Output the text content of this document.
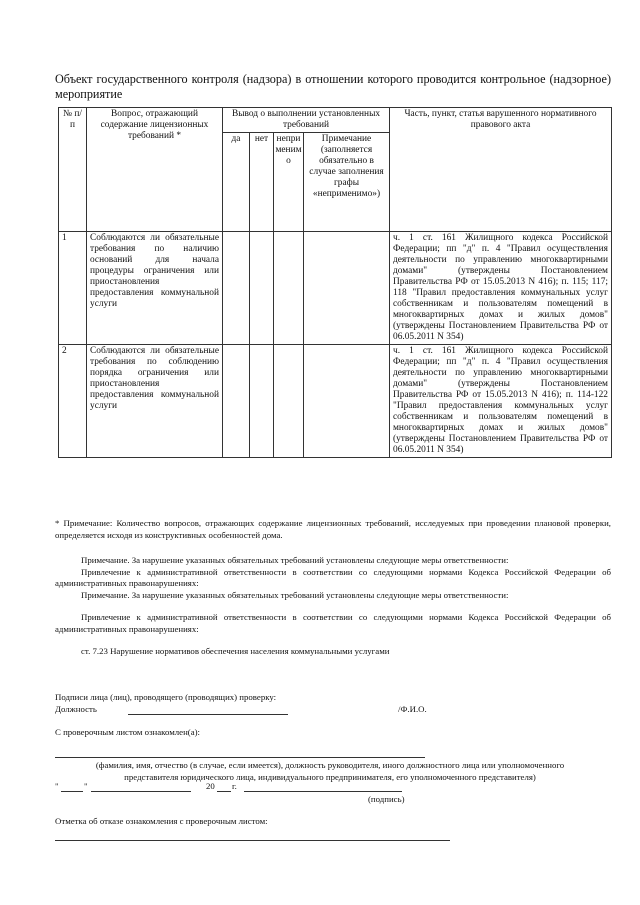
Объект государственного контроля (надзора) в отношении которого проводится контрольное (надзорное) мероприятие
№ п/п	Вопрос, отражающий содержание лицензионных требований *	Вывод о выполнении установленных требований				Часть, пункт, статья варушенного нормативного правового акта
		да	нет	неприменимо	Примечание (заполняется обязательно в случае заполнения графы «неприменимо»)	
1	Соблюдаются ли обязательные требования по наличию оснований для начала процедуры ограничения или приостановления предоставления коммунальной услуги					ч. 1 ст. 161 Жилищного кодекса Российской Федерации; пп "д" п. 4 "Правил осуществления деятельности по управлению многоквартирными домами" (утверждены Постановлением Правительства РФ от 15.05.2013 N 416); п. 115; 117; 118 "Правил предоставления коммунальных услуг собственникам и пользователям помещений в многоквартирных домах и жилых домов" (утверждены Постановлением Правительства РФ от 06.05.2011 N 354)
2	Соблюдаются ли обязательные требования по соблюдению порядка ограничения или приостановления предоставления коммунальной услуги					ч. 1 ст. 161 Жилищного кодекса Российской Федерации; пп "д" п. 4 "Правил осуществления деятельности по управлению многоквартирными домами" (утверждены Постановлением Правительства РФ от 15.05.2013 N 416); п. 114-122 "Правил предоставления коммунальных услуг собственникам и пользователям помещений в многоквартирных домах и жилых домов" (утверждены Постановлением Правительства РФ от 06.05.2011 N 354)

* Примечание: Количество вопросов, отражающих содержание лицензионных требований, исследуемых при проведении плановой проверки, определяется исходя из конструктивных особенностей дома.

Примечание. За нарушение указанных обязательных требований установлены следующие меры ответственности:

Привлечение к административной ответственности в соответствии со следующими нормами Кодекса Российской Федерации об административных правонарушениях:

Примечание. За нарушение указанных обязательных требований установлены следующие меры ответственности:

Привлечение к административной ответственности в соответствии со следующими нормами Кодекса Российской Федерации об административных правонарушениях:

ст. 7.23 Нарушение нормативов обеспечения населения коммунальными услугами

Подписи лица (лиц), проводящего (проводящих) проверку:
Должность	/Ф.И.О.
С проверочным листом ознакомлен(а):
(фамилия, имя, отчество (в случае, если имеется), должность руководителя, иного должностного лица или уполномоченного представителя юридического лица, индивидуального предпринимателя, его уполномоченного представителя)
"	"	20 г.
(подпись)
Отметка об отказе ознакомления с проверочным листом:
